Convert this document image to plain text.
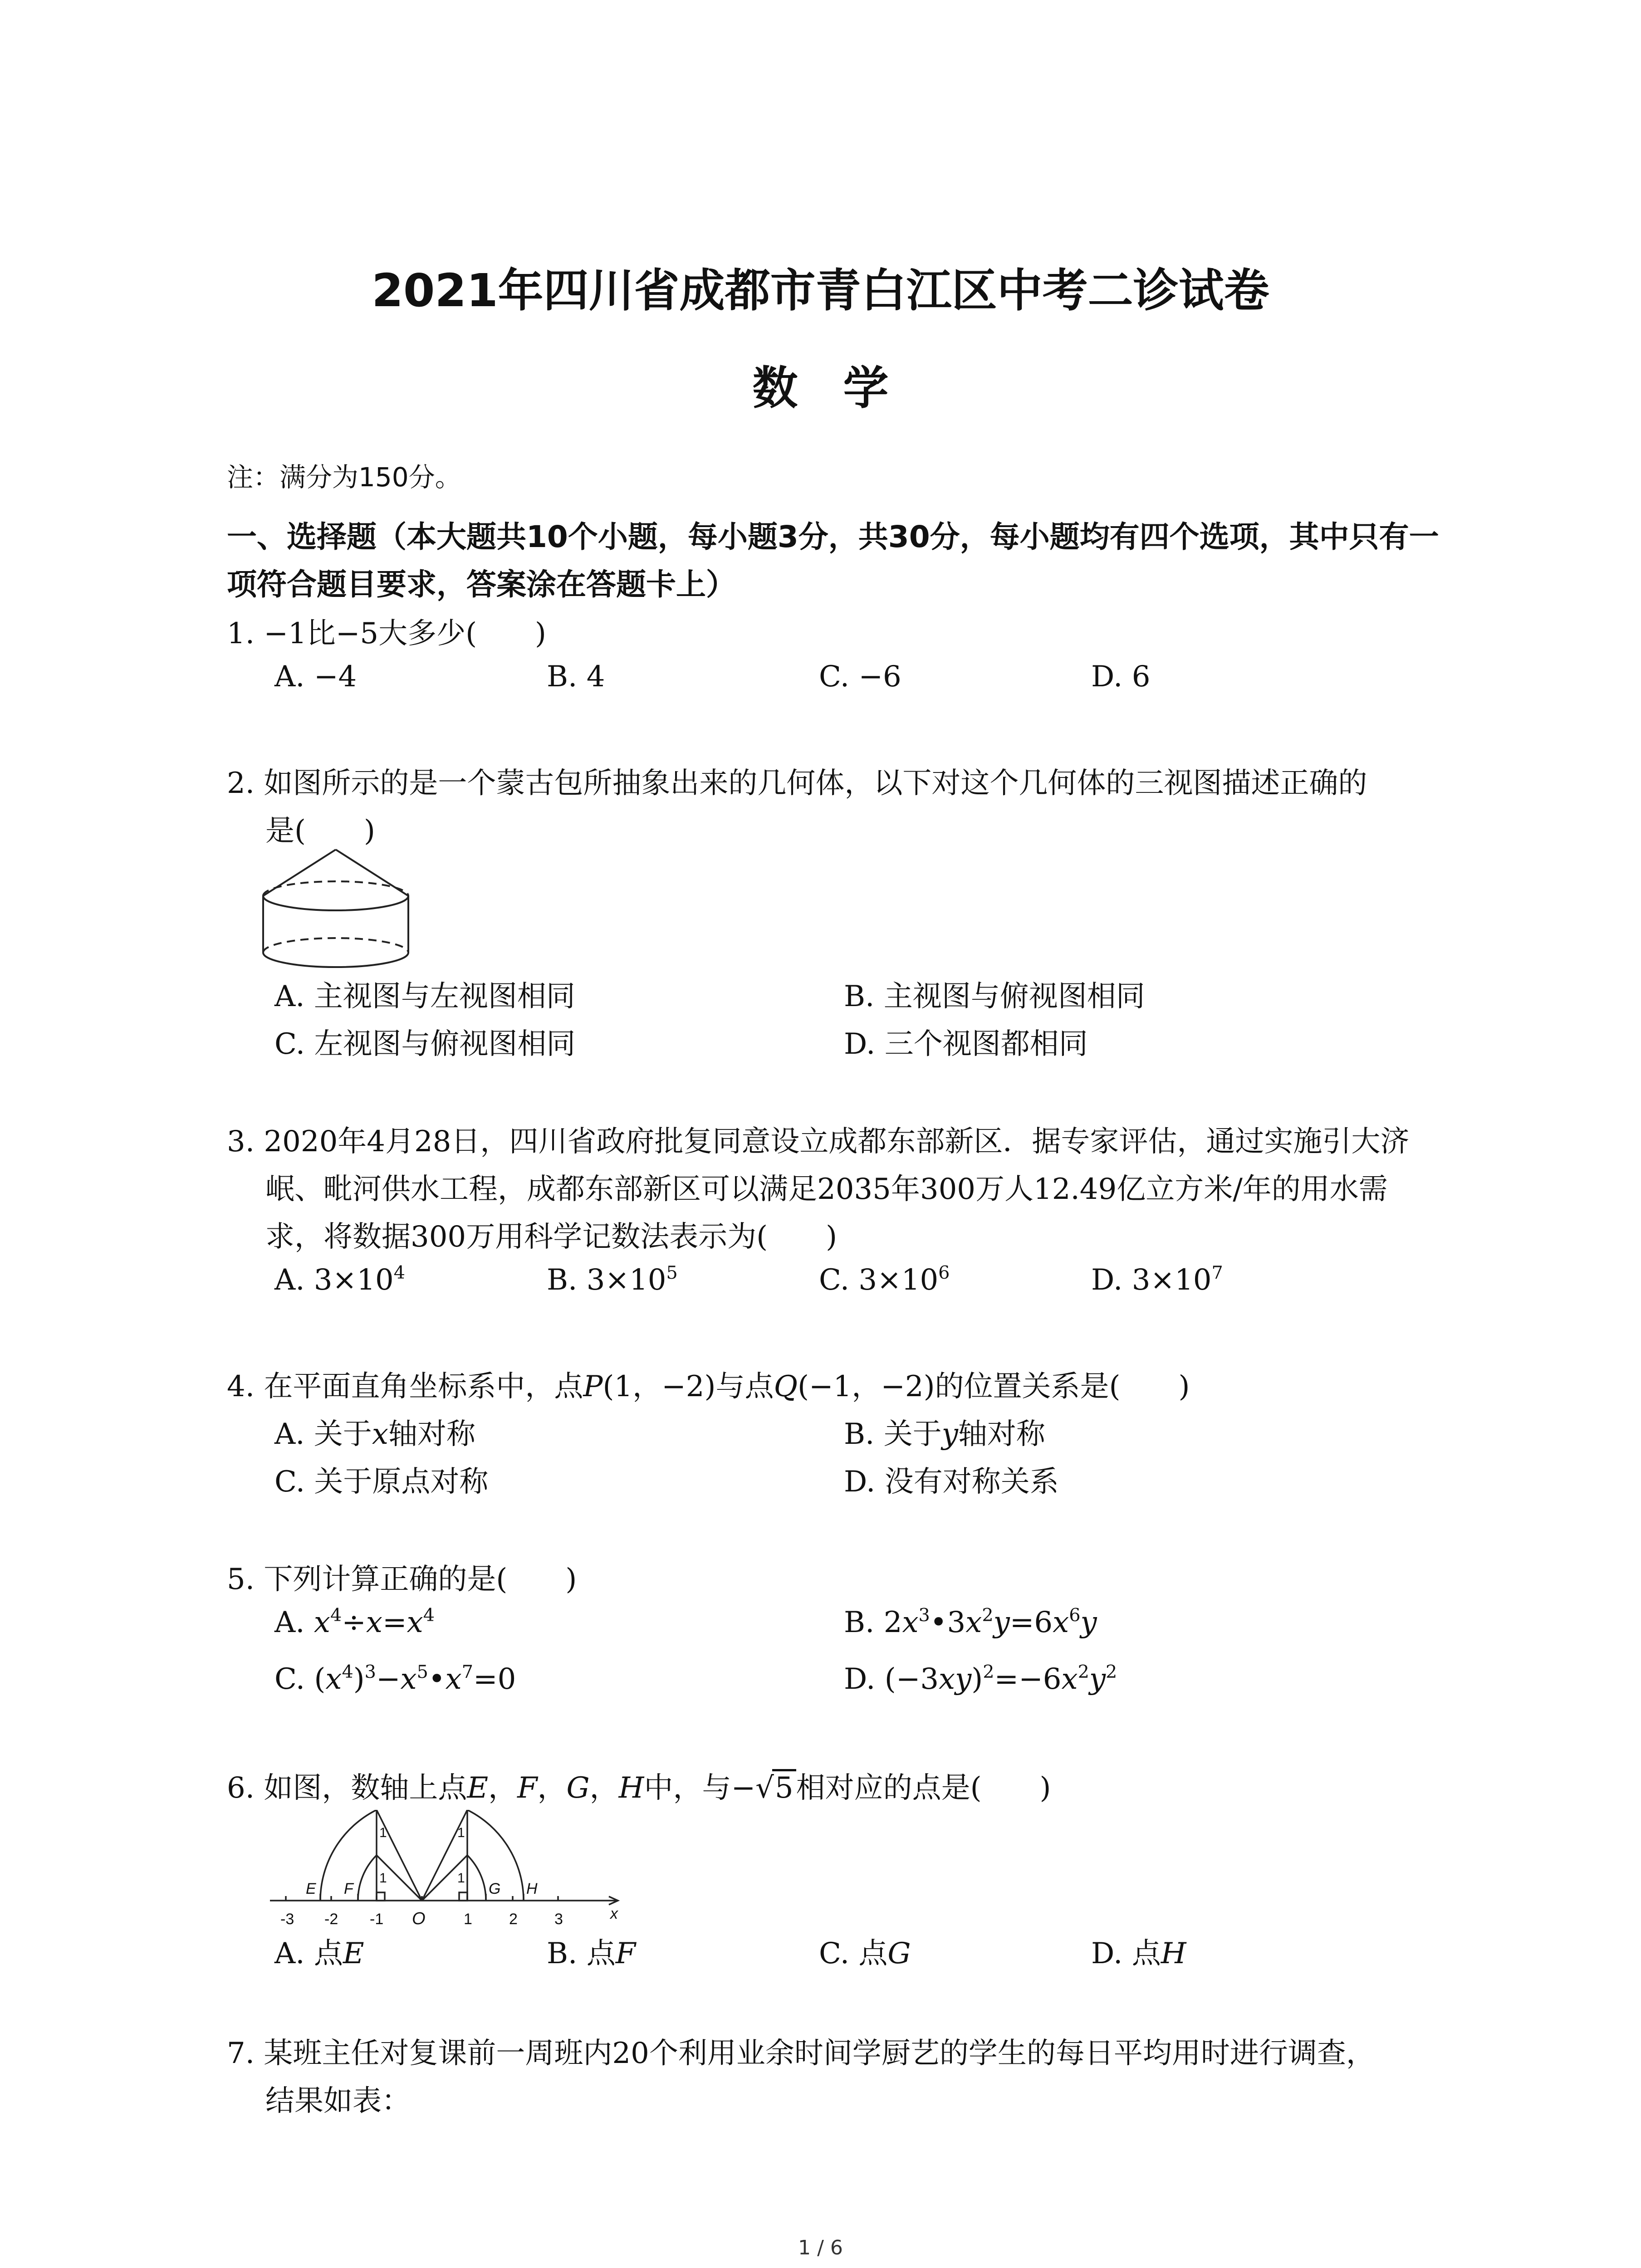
2021年四川省成都市青白江区中考二诊试卷
数　学
注：满分为150分。
一、选择题（本大题共10个小题，每小题3分，共30分，每小题均有四个选项，其中只有一
项符合题目要求，答案涂在答题卡上）
1. −1比−5大多少(　　)
A. −4	B. 4	C. −6	D. 6
2. 如图所示的是一个蒙古包所抽象出来的几何体，以下对这个几何体的三视图描述正确的
是(　　)
A. 主视图与左视图相同	B. 主视图与俯视图相同
C. 左视图与俯视图相同	D. 三个视图都相同
3. 2020年4月28日，四川省政府批复同意设立成都东部新区．据专家评估，通过实施引大济
岷、毗河供水工程，成都东部新区可以满足2035年300万人12.49亿立方米/年的用水需
求，将数据300万用科学记数法表示为(　　)
A. $3\times 10^4$	B. $3\times 10^5$	C. $3\times 10^6$	D. $3\times 10^7$
4. 在平面直角坐标系中，点P(1，−2)与点Q(−1，−2)的位置关系是(　　)
A. 关于x轴对称	B. 关于y轴对称
C. 关于原点对称	D. 没有对称关系
5. 下列计算正确的是(　　)
A. $x^4\div x=x^4$	B. $2x^3•3x^2y=6x^6y$
C. $(x^4)^3-x^5•x^7=0$	D. $(-3xy)^2=-6x^2y^2$
6. 如图，数轴上点E，F，G，H中，与−√5相对应的点是(　　)
-3 -2 -1 O 1 2 3	x
E F	G H
1
1
1
1
A. 点E	B. 点F	C. 点G	D. 点H
7. 某班主任对复课前一周班内20个利用业余时间学厨艺的学生的每日平均用时进行调查，
结果如表：
1 / 6
